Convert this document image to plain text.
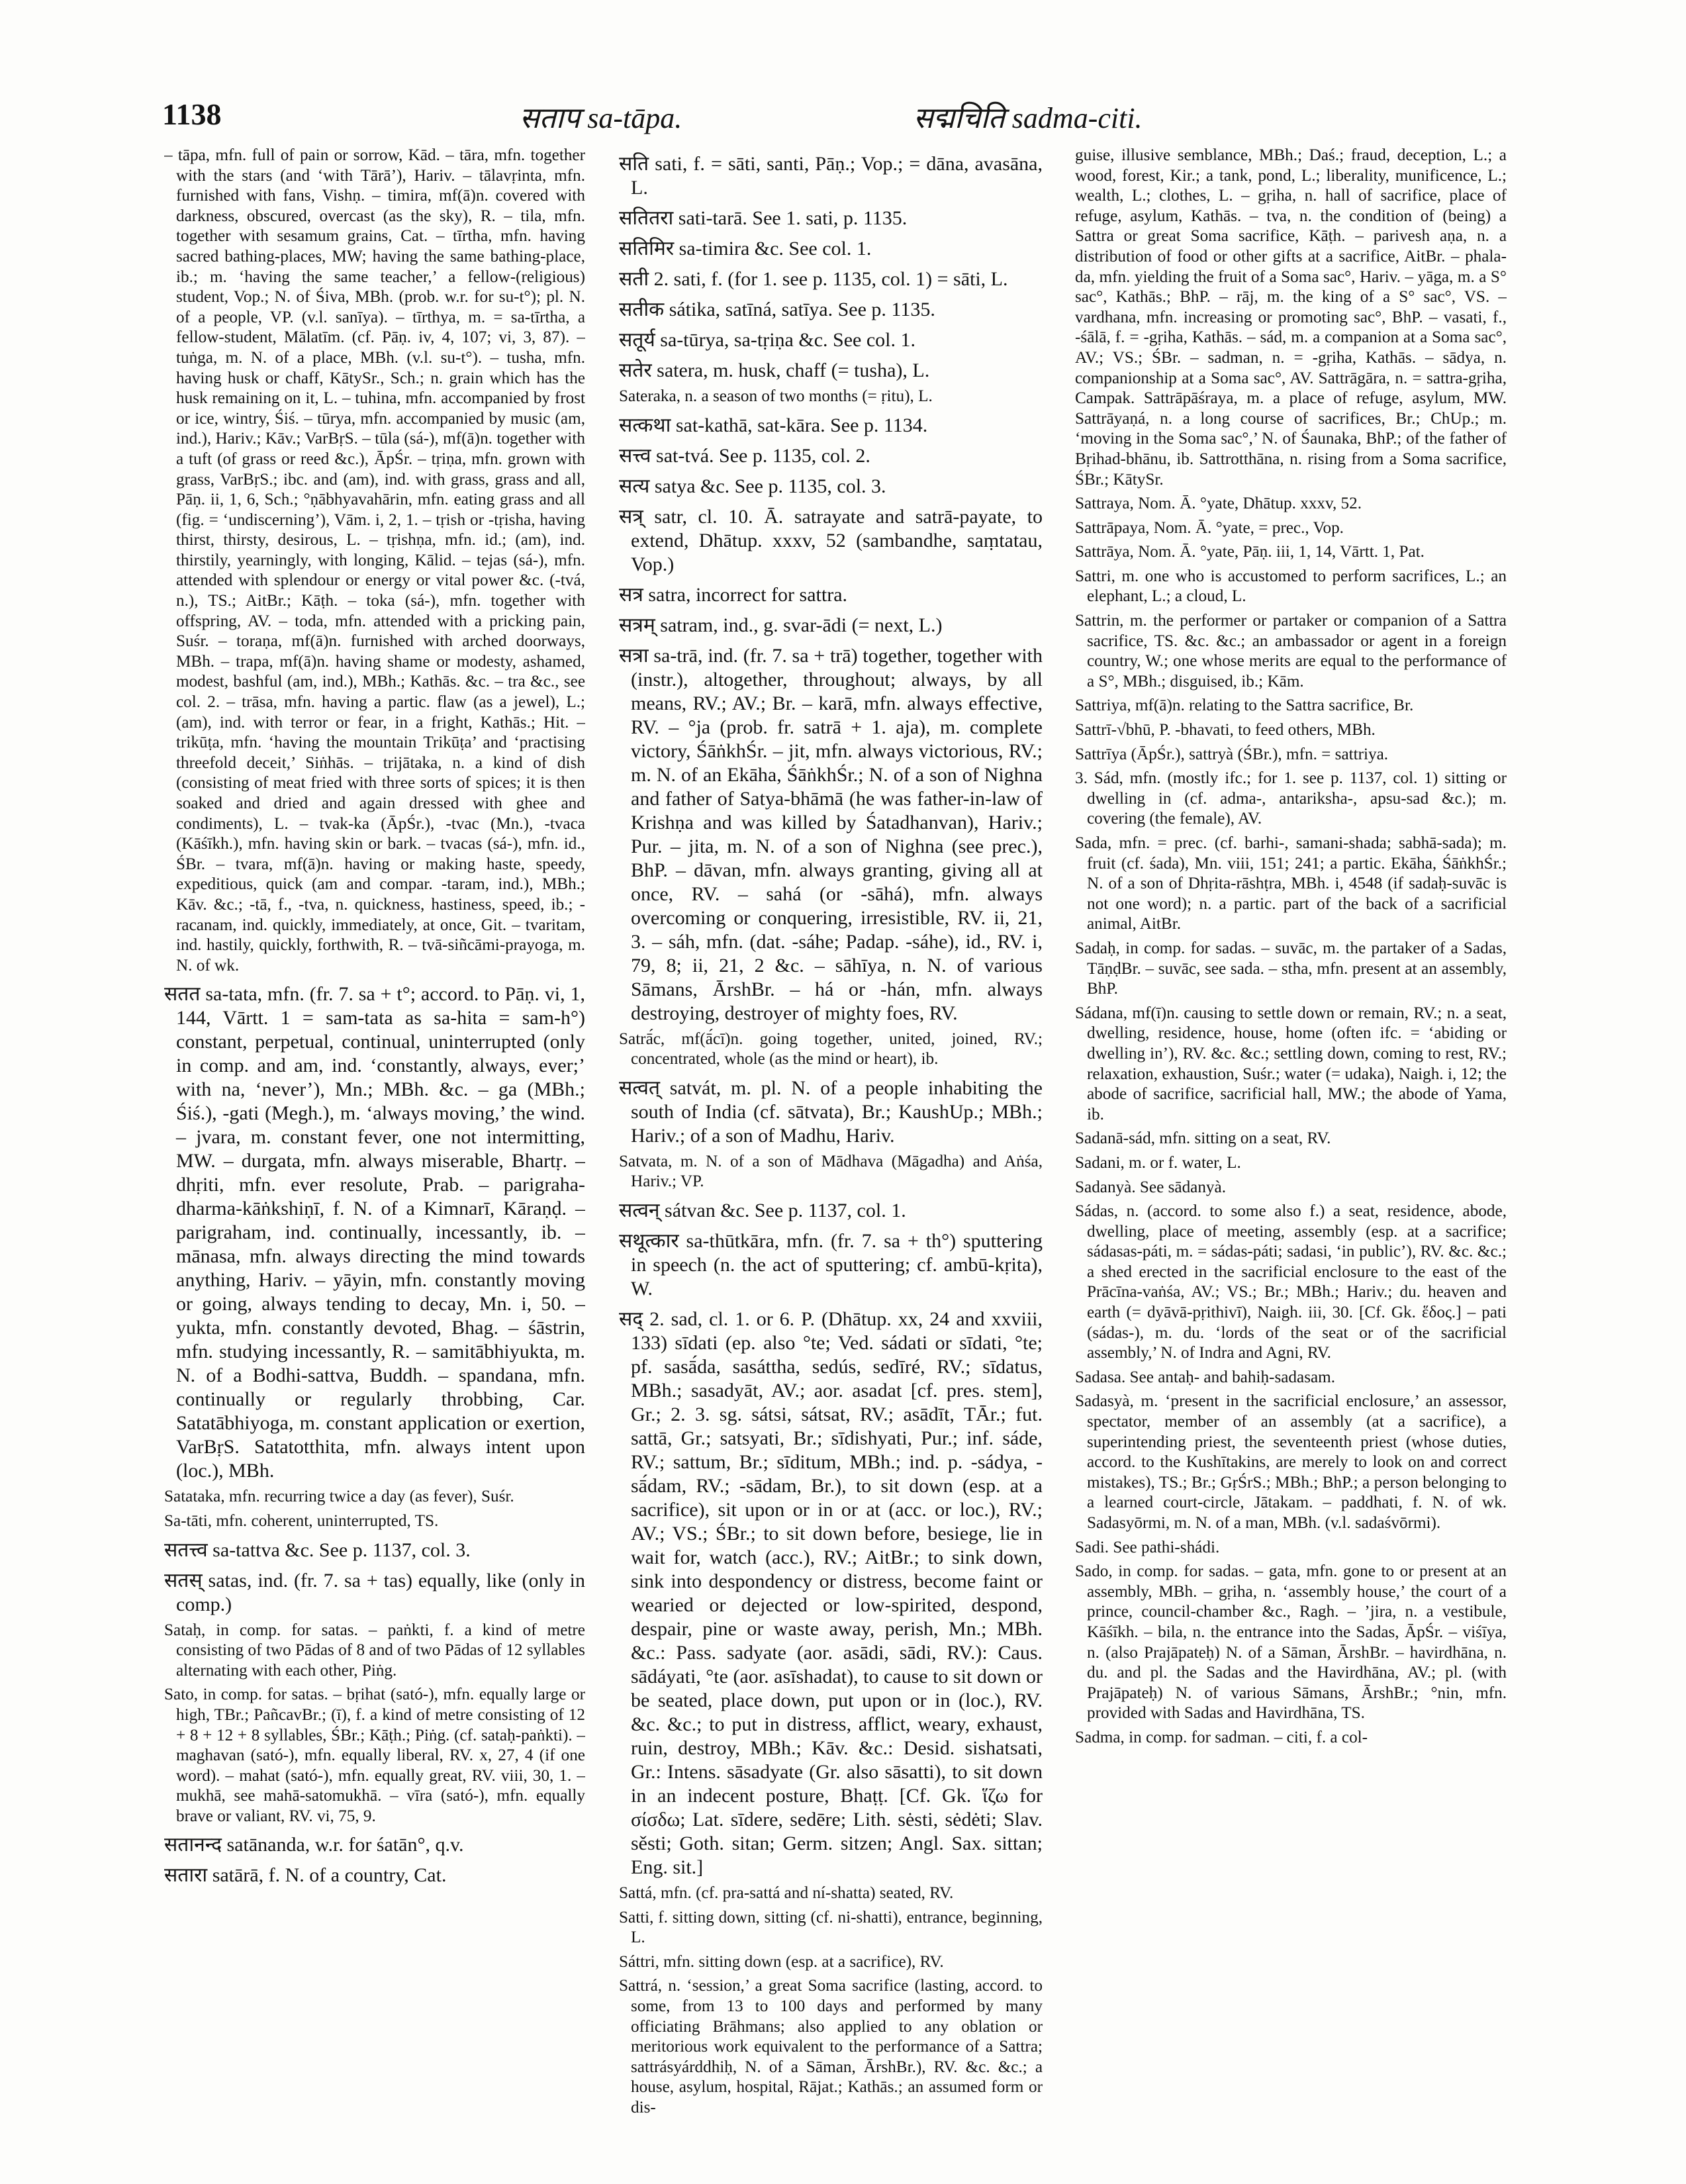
1138	सताप sa-tāpa.	सद्मचिति sadma-citi.

– tāpa, mfn. full of pain or sorrow, Kād. – tāra, mfn. together with the stars (and ‘with Tārā’), Hariv. – tālavṛinta, mfn. furnished with fans, Vishṇ. – timira, mf(ā)n. covered with darkness, obscured, overcast (as the sky), R. – tila, mfn. together with sesamum grains, Cat. – tīrtha, mfn. having sacred bathing-places, MW; having the same bathing-place, ib.; m. ‘having the same teacher,’ a fellow-(religious) student, Vop.; N. of Śiva, MBh. (prob. w.r. for su-t°); pl. N. of a people, VP. (v.l. sanīya). – tīrthya, m. = sa-tīrtha, a fellow-student, Mālatīm. (cf. Pāṇ. iv, 4, 107; vi, 3, 87). – tuṅga, m. N. of a place, MBh. (v.l. su-t°). – tusha, mfn. having husk or chaff, KātySr., Sch.; n. grain which has the husk remaining on it, L. – tuhina, mfn. accompanied by frost or ice, wintry, Śiś. – tūrya, mfn. accompanied by music (am, ind.), Hariv.; Kāv.; VarBṛS. – tūla (sá-), mf(ā)n. together with a tuft (of grass or reed &c.), ĀpŚr. – tṛiṇa, mfn. grown with grass, VarBṛS.; ibc. and (am), ind. with grass, grass and all, Pāṇ. ii, 1, 6, Sch.; °ṇābhyavahārin, mfn. eating grass and all (fig. = ‘undiscerning’), Vām. i, 2, 1. – tṛish or -tṛisha, having thirst, thirsty, desirous, L. – tṛishṇa, mfn. id.; (am), ind. thirstily, yearningly, with longing, Kālid. – tejas (sá-), mfn. attended with splendour or energy or vital power &c. (-tvá, n.), TS.; AitBr.; Kāṭh. – toka (sá-), mfn. together with offspring, AV. – toda, mfn. attended with a pricking pain, Suśr. – toraṇa, mf(ā)n. furnished with arched doorways, MBh. – trapa, mf(ā)n. having shame or modesty, ashamed, modest, bashful (am, ind.), MBh.; Kathās. &c. – tra &c., see col. 2. – trāsa, mfn. having a partic. flaw (as a jewel), L.; (am), ind. with terror or fear, in a fright, Kathās.; Hit. – trikūṭa, mfn. ‘having the mountain Trikūṭa’ and ‘practising threefold deceit,’ Siṅhās. – trijātaka, n. a kind of dish (consisting of meat fried with three sorts of spices; it is then soaked and dried and again dressed with ghee and condiments), L. – tvak-ka (ĀpŚr.), -tvac (Mn.), -tvaca (Kāśīkh.), mfn. having skin or bark. – tvacas (sá-), mfn. id., ŚBr. – tvara, mf(ā)n. having or making haste, speedy, expeditious, quick (am and compar. -taram, ind.), MBh.; Kāv. &c.; -tā, f., -tva, n. quickness, hastiness, speed, ib.; -racanam, ind. quickly, immediately, at once, Git. – tvaritam, ind. hastily, quickly, forthwith, R. – tvā-siñcāmi-prayoga, m. N. of wk.

सतत sa-tata, mfn. (fr. 7. sa + t°; accord. to Pāṇ. vi, 1, 144, Vārtt. 1 = sam-tata as sa-hita = sam-h°) constant, perpetual, continual, uninterrupted (only in comp. and am, ind. ‘constantly, always, ever;’ with na, ‘never’), Mn.; MBh. &c. – ga (MBh.; Śiś.), -gati (Megh.), m. ‘always moving,’ the wind. – jvara, m. constant fever, one not intermitting, MW. – durgata, mfn. always miserable, Bhartṛ. – dhṛiti, mfn. ever resolute, Prab. – parigraha-dharma-kāṅkshiṇī, f. N. of a Kimnarī, Kāraṇḍ. – parigraham, ind. continually, incessantly, ib. – mānasa, mfn. always directing the mind towards anything, Hariv. – yāyin, mfn. constantly moving or going, always tending to decay, Mn. i, 50. – yukta, mfn. constantly devoted, Bhag. – śāstrin, mfn. studying incessantly, R. – samitābhiyukta, m. N. of a Bodhi-sattva, Buddh. – spandana, mfn. continually or regularly throbbing, Car. Satatābhiyoga, m. constant application or exertion, VarBṛS. Satatotthita, mfn. always intent upon (loc.), MBh.

Satataka, mfn. recurring twice a day (as fever), Suśr.

Sa-tāti, mfn. coherent, uninterrupted, TS.

सतत्त्व sa-tattva &c. See p. 1137, col. 3.

सतस् satas, ind. (fr. 7. sa + tas) equally, like (only in comp.)

Sataḥ, in comp. for satas. – paṅkti, f. a kind of metre consisting of two Pādas of 8 and of two Pādas of 12 syllables alternating with each other, Piṅg.

Sato, in comp. for satas. – bṛihat (sató-), mfn. equally large or high, TBr.; PañcavBr.; (ī), f. a kind of metre consisting of 12 + 8 + 12 + 8 syllables, ŚBr.; Kāṭh.; Piṅg. (cf. sataḥ-paṅkti). – maghavan (sató-), mfn. equally liberal, RV. x, 27, 4 (if one word). – mahat (sató-), mfn. equally great, RV. viii, 30, 1. – mukhā, see mahā-satomukhā. – vīra (sató-), mfn. equally brave or valiant, RV. vi, 75, 9.

सतानन्द satānanda, w.r. for śatān°, q.v.

सतारा satārā, f. N. of a country, Cat.

सति sati, f. = sāti, santi, Pāṇ.; Vop.; = dāna, avasāna, L.

सतितरा sati-tarā. See 1. sati, p. 1135.

सतिमिर sa-timira &c. See col. 1.

सती 2. sati, f. (for 1. see p. 1135, col. 1) = sāti, L.

सतीक sátika, satīná, satīya. See p. 1135.

सतूर्य sa-tūrya, sa-tṛiṇa &c. See col. 1.

सतेर satera, m. husk, chaff (= tusha), L.

Sateraka, n. a season of two months (= ṛitu), L.

सत्कथा sat-kathā, sat-kāra. See p. 1134.

सत्त्व sat-tvá. See p. 1135, col. 2.

सत्य satya &c. See p. 1135, col. 3.

सत्र् satr, cl. 10. Ā. satrayate and satrā-payate, to extend, Dhātup. xxxv, 52 (sambandhe, saṃtatau, Vop.)

सत्र satra, incorrect for sattra.

सत्रम् satram, ind., g. svar-ādi (= next, L.)

सत्रा sa-trā, ind. (fr. 7. sa + trā) together, together with (instr.), altogether, throughout; always, by all means, RV.; AV.; Br. – karā, mfn. always effective, RV. – °ja (prob. fr. satrā + 1. aja), m. complete victory, ŚāṅkhŚr. – jit, mfn. always victorious, RV.; m. N. of an Ekāha, ŚāṅkhŚr.; N. of a son of Nighna and father of Satya-bhāmā (he was father-in-law of Krishṇa and was killed by Śatadhanvan), Hariv.; Pur. – jita, m. N. of a son of Nighna (see prec.), BhP. – dāvan, mfn. always granting, giving all at once, RV. – sahá (or -sāhá), mfn. always overcoming or conquering, irresistible, RV. ii, 21, 3. – sáh, mfn. (dat. -sáhe; Padap. -sáhe), id., RV. i, 79, 8; ii, 21, 2 &c. – sāhīya, n. N. of various Sāmans, ĀrshBr. – há or -hán, mfn. always destroying, destroyer of mighty foes, RV.

Satrā́c, mf(ā́cī)n. going together, united, joined, RV.; concentrated, whole (as the mind or heart), ib.

सत्वत् satvát, m. pl. N. of a people inhabiting the south of India (cf. sātvata), Br.; KaushUp.; MBh.; Hariv.; of a son of Madhu, Hariv.

Satvata, m. N. of a son of Mādhava (Māgadha) and Aṅśa, Hariv.; VP.

सत्वन् sátvan &c. See p. 1137, col. 1.

सथूत्कार sa-thūtkāra, mfn. (fr. 7. sa + th°) sputtering in speech (n. the act of sputtering; cf. ambū-kṛita), W.

सद् 2. sad, cl. 1. or 6. P. (Dhātup. xx, 24 and xxviii, 133) sīdati (ep. also °te; Ved. sádati or sīdati, °te; pf. sasā́da, sasáttha, sedús, sedīré, RV.; sīdatus, MBh.; sasadyāt, AV.; aor. asadat [cf. pres. stem], Gr.; 2. 3. sg. sátsi, sátsat, RV.; asādīt, TĀr.; fut. sattā, Gr.; satsyati, Br.; sīdishyati, Pur.; inf. sáde, RV.; sattum, Br.; sīditum, MBh.; ind. p. -sádya, -sā́dam, RV.; -sādam, Br.), to sit down (esp. at a sacrifice), sit upon or in or at (acc. or loc.), RV.; AV.; VS.; ŚBr.; to sit down before, besiege, lie in wait for, watch (acc.), RV.; AitBr.; to sink down, sink into despondency or distress, become faint or wearied or dejected or low-spirited, despond, despair, pine or waste away, perish, Mn.; MBh. &c.: Pass. sadyate (aor. asādi, sādi, RV.): Caus. sādáyati, °te (aor. asīshadat), to cause to sit down or be seated, place down, put upon or in (loc.), RV. &c. &c.; to put in distress, afflict, weary, exhaust, ruin, destroy, MBh.; Kāv. &c.: Desid. sishatsati, Gr.: Intens. sāsadyate (Gr. also sāsatti), to sit down in an indecent posture, Bhaṭṭ. [Cf. Gk. ἵζω for σίσδω; Lat. sīdere, sedēre; Lith. sėsti, sėdėti; Slav. sěsti; Goth. sitan; Germ. sitzen; Angl. Sax. sittan; Eng. sit.]

Sattá, mfn. (cf. pra-sattá and ní-shatta) seated, RV.

Satti, f. sitting down, sitting (cf. ni-shatti), entrance, beginning, L.

Sáttri, mfn. sitting down (esp. at a sacrifice), RV.

Sattrá, n. ‘session,’ a great Soma sacrifice (lasting, accord. to some, from 13 to 100 days and performed by many officiating Brāhmans; also applied to any oblation or meritorious work equivalent to the performance of a Sattra; sattrásyárddhiḥ, N. of a Sāman, ĀrshBr.), RV. &c. &c.; a house, asylum, hospital, Rājat.; Kathās.; an assumed form or dis-

guise, illusive semblance, MBh.; Daś.; fraud, deception, L.; a wood, forest, Kir.; a tank, pond, L.; liberality, munificence, L.; wealth, L.; clothes, L. – gṛiha, n. hall of sacrifice, place of refuge, asylum, Kathās. – tva, n. the condition of (being) a Sattra or great Soma sacrifice, Kāṭh. – parivesh aṇa, n. a distribution of food or other gifts at a sacrifice, AitBr. – phala-da, mfn. yielding the fruit of a Soma sac°, Hariv. – yāga, m. a S° sac°, Kathās.; BhP. – rāj, m. the king of a S° sac°, VS. – vardhana, mfn. increasing or promoting sac°, BhP. – vasati, f., -śālā, f. = -gṛiha, Kathās. – sád, m. a companion at a Soma sac°, AV.; VS.; ŚBr. – sadman, n. = -gṛiha, Kathās. – sādya, n. companionship at a Soma sac°, AV. Sattrāgāra, n. = sattra-gṛiha, Campak. Sattrāpāśraya, m. a place of refuge, asylum, MW. Sattrāyaṇá, n. a long course of sacrifices, Br.; ChUp.; m. ‘moving in the Soma sac°,’ N. of Śaunaka, BhP.; of the father of Bṛihad-bhānu, ib. Sattrotthāna, n. rising from a Soma sacrifice, ŚBr.; KātySr.

Sattraya, Nom. Ā. °yate, Dhātup. xxxv, 52.

Sattrāpaya, Nom. Ā. °yate, = prec., Vop.

Sattrāya, Nom. Ā. °yate, Pāṇ. iii, 1, 14, Vārtt. 1, Pat.

Sattri, m. one who is accustomed to perform sacrifices, L.; an elephant, L.; a cloud, L.

Sattrin, m. the performer or partaker or companion of a Sattra sacrifice, TS. &c. &c.; an ambassador or agent in a foreign country, W.; one whose merits are equal to the performance of a S°, MBh.; disguised, ib.; Kām.

Sattriya, mf(ā)n. relating to the Sattra sacrifice, Br.

Sattrī-√bhū, P. -bhavati, to feed others, MBh.

Sattrīya (ĀpŚr.), sattryà (ŚBr.), mfn. = sattriya.

3. Sád, mfn. (mostly ifc.; for 1. see p. 1137, col. 1) sitting or dwelling in (cf. adma-, antariksha-, apsu-sad &c.); m. covering (the female), AV.

Sada, mfn. = prec. (cf. barhi-, samani-shada; sabhā-sada); m. fruit (cf. śada), Mn. viii, 151; 241; a partic. Ekāha, ŚāṅkhŚr.; N. of a son of Dhṛita-rāshṭra, MBh. i, 4548 (if sadaḥ-suvāc is not one word); n. a partic. part of the back of a sacrificial animal, AitBr.

Sadaḥ, in comp. for sadas. – suvāc, m. the partaker of a Sadas, TāṇḍBr. – suvāc, see sada. – stha, mfn. present at an assembly, BhP.

Sádana, mf(ī)n. causing to settle down or remain, RV.; n. a seat, dwelling, residence, house, home (often ifc. = ‘abiding or dwelling in’), RV. &c. &c.; settling down, coming to rest, RV.; relaxation, exhaustion, Suśr.; water (= udaka), Naigh. i, 12; the abode of sacrifice, sacrificial hall, MW.; the abode of Yama, ib.

Sadanā-sád, mfn. sitting on a seat, RV.

Sadani, m. or f. water, L.

Sadanyà. See sādanyà.

Sádas, n. (accord. to some also f.) a seat, residence, abode, dwelling, place of meeting, assembly (esp. at a sacrifice; sádasas-páti, m. = sádas-páti; sadasi, ‘in public’), RV. &c. &c.; a shed erected in the sacrificial enclosure to the east of the Prācīna-vaṅśa, AV.; VS.; Br.; MBh.; Hariv.; du. heaven and earth (= dyāvā-pṛithivī), Naigh. iii, 30. [Cf. Gk. ἕδος.] – pati (sádas-), m. du. ‘lords of the seat or of the sacrificial assembly,’ N. of Indra and Agni, RV.

Sadasa. See antaḥ- and bahiḥ-sadasam.

Sadasyà, m. ‘present in the sacrificial enclosure,’ an assessor, spectator, member of an assembly (at a sacrifice), a superintending priest, the seventeenth priest (whose duties, accord. to the Kushītakins, are merely to look on and correct mistakes), TS.; Br.; GṛŚrS.; MBh.; BhP.; a person belonging to a learned court-circle, Jātakam. – paddhati, f. N. of wk. Sadasyōrmi, m. N. of a man, MBh. (v.l. sadaśvōrmi).

Sadi. See pathi-shádi.

Sado, in comp. for sadas. – gata, mfn. gone to or present at an assembly, MBh. – gṛiha, n. ‘assembly house,’ the court of a prince, council-chamber &c., Ragh. – ’jira, n. a vestibule, Kāśīkh. – bila, n. the entrance into the Sadas, ĀpŚr. – viśīya, n. (also Prajāpateḥ) N. of a Sāman, ĀrshBr. – havirdhāna, n. du. and pl. the Sadas and the Havirdhāna, AV.; pl. (with Prajāpateḥ) N. of various Sāmans, ĀrshBr.; °nin, mfn. provided with Sadas and Havirdhāna, TS.

Sadma, in comp. for sadman. – citi, f. a col-
